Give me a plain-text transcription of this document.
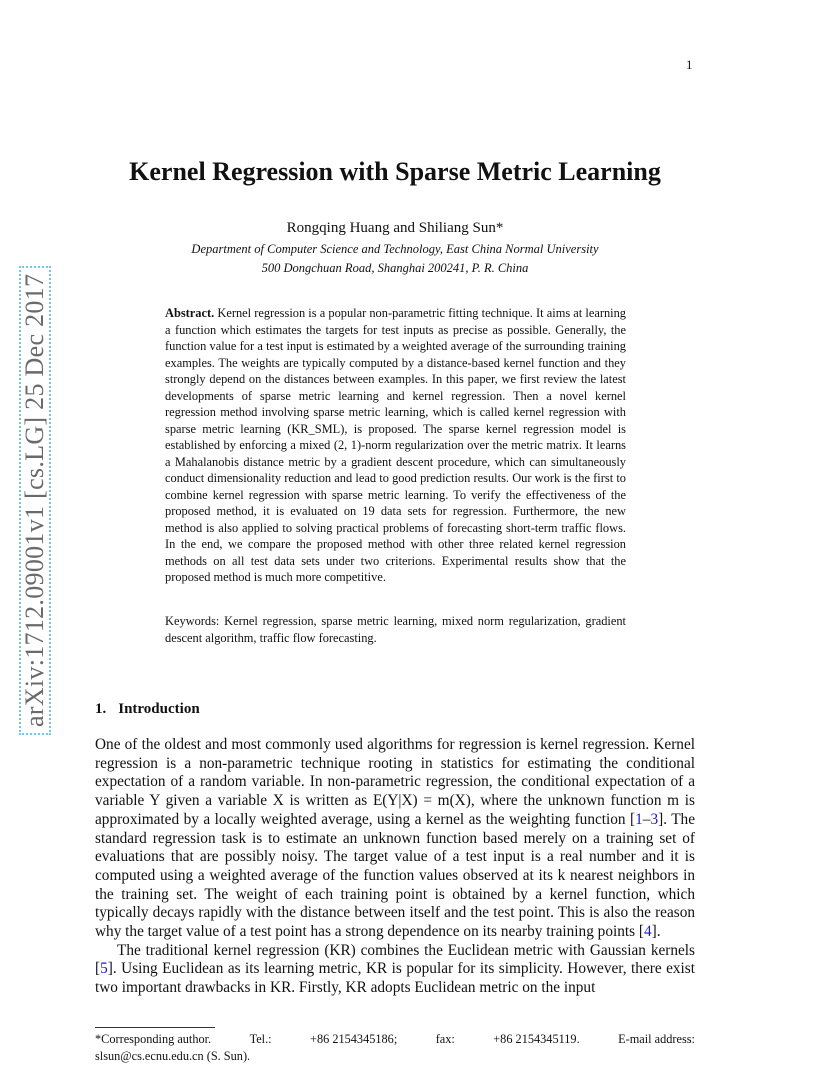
1
arXiv:1712.09001v1 [cs.LG] 25 Dec 2017
Kernel Regression with Sparse Metric Learning
Rongqing Huang and Shiliang Sun*
Department of Computer Science and Technology, East China Normal University
500 Dongchuan Road, Shanghai 200241, P. R. China

Abstract. Kernel regression is a popular non-parametric fitting technique. It aims at learning a function which estimates the targets for test inputs as precise as possible. Generally, the function value for a test input is estimated by a weighted average of the surrounding training examples. The weights are typically computed by a distance-based kernel function and they strongly depend on the distances between examples. In this paper, we first review the latest developments of sparse metric learning and kernel regression. Then a novel kernel regression method involving sparse metric learning, which is called kernel regression with sparse metric learning (KR_SML), is proposed. The sparse kernel regression model is established by enforcing a mixed (2, 1)-norm regularization over the metric matrix. It learns a Mahalanobis distance metric by a gradient descent procedure, which can simultaneously conduct dimensionality reduction and lead to good prediction results. Our work is the first to combine kernel regression with sparse metric learning. To verify the effectiveness of the proposed method, it is evaluated on 19 data sets for regression. Furthermore, the new method is also applied to solving practical problems of forecasting short-term traffic flows. In the end, we compare the proposed method with other three related kernel regression methods on all test data sets under two criterions. Experimental results show that the proposed method is much more competitive.

Keywords: Kernel regression, sparse metric learning, mixed norm regularization, gradient descent algorithm, traffic flow forecasting.

1. Introduction

One of the oldest and most commonly used algorithms for regression is kernel regression. Kernel regression is a non-parametric technique rooting in statistics for estimating the conditional expectation of a random variable. In non-parametric regression, the conditional expectation of a variable Y given a variable X is written as E(Y|X) = m(X), where the unknown function m is approximated by a locally weighted average, using a kernel as the weighting function [1–3]. The standard regression task is to estimate an unknown function based merely on a training set of evaluations that are possibly noisy. The target value of a test input is a real number and it is computed using a weighted average of the function values observed at its k nearest neighbors in the training set. The weight of each training point is obtained by a kernel function, which typically decays rapidly with the distance between itself and the test point. This is also the reason why the target value of a test point has a strong dependence on its nearby training points [4].

The traditional kernel regression (KR) combines the Euclidean metric with Gaussian kernels [5]. Using Euclidean as its learning metric, KR is popular for its simplicity. However, there exist two important drawbacks in KR. Firstly, KR adopts Euclidean metric on the input

*Corresponding author.	Tel.:	+86 2154345186;	fax:	+86 2154345119.	E-mail address:
slsun@cs.ecnu.edu.cn (S. Sun).
